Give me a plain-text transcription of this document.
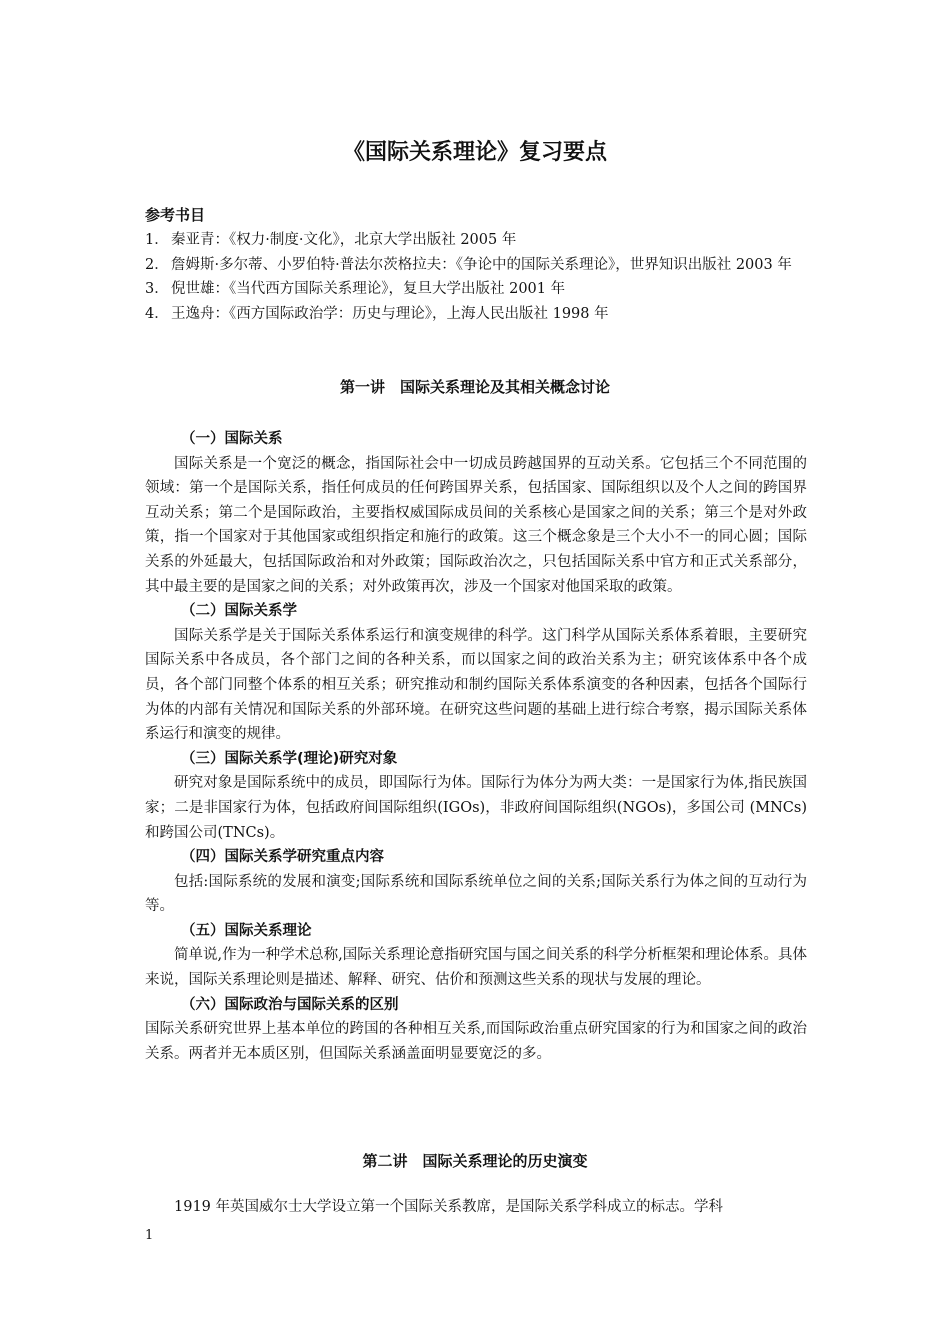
《国际关系理论》复习要点
参考书目
1． 秦亚青：《权力·制度·文化》，北京大学出版社 2005 年
2． 詹姆斯·多尔蒂、小罗伯特·普法尔茨格拉夫：《争论中的国际关系理论》，世界知识出版社 2003 年
3． 倪世雄：《当代西方国际关系理论》，复旦大学出版社 2001 年
4． 王逸舟：《西方国际政治学：历史与理论》，上海人民出版社 1998 年
第一讲　国际关系理论及其相关概念讨论
（一）国际关系

国际关系是一个宽泛的概念，指国际社会中一切成员跨越国界的互动关系。它包括三个不同范围的领域：第一个是国际关系，指任何成员的任何跨国界关系，包括国家、国际组织以及个人之间的跨国界互动关系；第二个是国际政治，主要指权威国际成员间的关系核心是国家之间的关系；第三个是对外政策，指一个国家对于其他国家或组织指定和施行的政策。这三个概念象是三个大小不一的同心圆；国际关系的外延最大，包括国际政治和对外政策；国际政治次之，只包括国际关系中官方和正式关系部分，其中最主要的是国家之间的关系；对外政策再次，涉及一个国家对他国采取的政策。

（二）国际关系学

国际关系学是关于国际关系体系运行和演变规律的科学。这门科学从国际关系体系着眼，主要研究国际关系中各成员，各个部门之间的各种关系，而以国家之间的政治关系为主；研究该体系中各个成员，各个部门同整个体系的相互关系；研究推动和制约国际关系体系演变的各种因素，包括各个国际行为体的内部有关情况和国际关系的外部环境。在研究这些问题的基础上进行综合考察，揭示国际关系体系运行和演变的规律。

（三）国际关系学(理论)研究对象

研究对象是国际系统中的成员，即国际行为体。国际行为体分为两大类：一是国家行为体,指民族国家；二是非国家行为体，包括政府间国际组织(IGOs)，非政府间国际组织(NGOs)，多国公司 (MNCs)和跨国公司(TNCs)。

（四）国际关系学研究重点内容

包括:国际系统的发展和演变;国际系统和国际系统单位之间的关系;国际关系行为体之间的互动行为等。

（五）国际关系理论

简单说,作为一种学术总称,国际关系理论意指研究国与国之间关系的科学分析框架和理论体系。具体来说，国际关系理论则是描述、解释、研究、估价和预测这些关系的现状与发展的理论。

（六）国际政治与国际关系的区别

国际关系研究世界上基本单位的跨国的各种相互关系,而国际政治重点研究国家的行为和国家之间的政治关系。两者并无本质区别，但国际关系涵盖面明显要宽泛的多。

第二讲　国际关系理论的历史演变

1919 年英国威尔士大学设立第一个国际关系教席，是国际关系学科成立的标志。学科

1
